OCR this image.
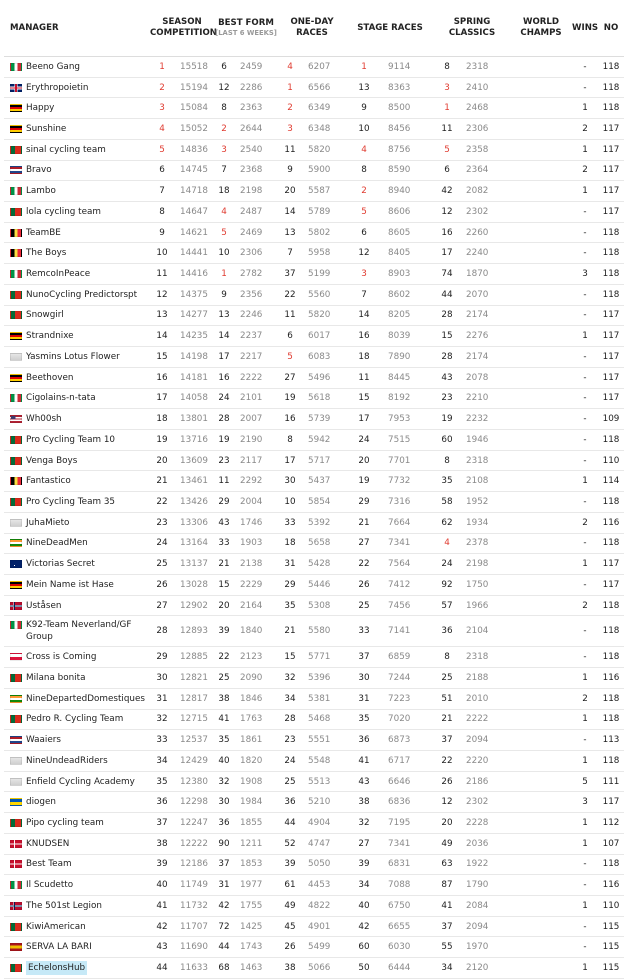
MANAGER	SEASON COMPETITION		BEST FORM
[LAST 6 WEEKS]		ONE-DAY RACES		STAGE RACES		SPRING CLASSICS		WORLD CHAMPS	WINS	NO

Beeno Gang	1	15518	6	2459	4	6207	1	9114	8	2318		-	118

Erythropoietin	2	15194	12	2286	1	6566	13	8363	3	2410		-	118

Happy	3	15084	8	2363	2	6349	9	8500	1	2468		1	118

Sunshine	4	15052	2	2644	3	6348	10	8456	11	2306		2	117

sinal cycling team	5	14836	3	2540	11	5820	4	8756	5	2358		1	117

Bravo	6	14745	7	2368	9	5900	8	8590	6	2364		2	117

Lambo	7	14718	18	2198	20	5587	2	8940	42	2082		1	117

lola cycling team	8	14647	4	2487	14	5789	5	8606	12	2302		-	117

TeamBE	9	14621	5	2469	13	5802	6	8605	16	2260		-	118

The Boys	10	14441	10	2306	7	5958	12	8405	17	2240		-	118

RemcoInPeace	11	14416	1	2782	37	5199	3	8903	74	1870		3	118

NunoCycling Predictorspt	12	14375	9	2356	22	5560	7	8602	44	2070		-	118

Snowgirl	13	14277	13	2246	11	5820	14	8205	28	2174		-	117

Strandnixe	14	14235	14	2237	6	6017	16	8039	15	2276		1	117

Yasmins Lotus Flower	15	14198	17	2217	5	6083	18	7890	28	2174		-	117

Beethoven	16	14181	16	2222	27	5496	11	8445	43	2078		-	117

Cigolains-n-tata	17	14058	24	2101	19	5618	15	8192	23	2210		-	117

Wh00sh	18	13801	28	2007	16	5739	17	7953	19	2232		-	109

Pro Cycling Team 10	19	13716	19	2190	8	5942	24	7515	60	1946		-	118

Venga Boys	20	13609	23	2117	17	5717	20	7701	8	2318		-	110

Fantastico	21	13461	11	2292	30	5437	19	7732	35	2108		1	114

Pro Cycling Team 35	22	13426	29	2004	10	5854	29	7316	58	1952		-	118

JuhaMieto	23	13306	43	1746	33	5392	21	7664	62	1934		2	116

NineDeadMen	24	13164	33	1903	18	5658	27	7341	4	2378		-	118

Victorias Secret	25	13137	21	2138	31	5428	22	7564	24	2198		1	117

Mein Name ist Hase	26	13028	15	2229	29	5446	26	7412	92	1750		-	117

Uståsen	27	12902	20	2164	35	5308	25	7456	57	1966		2	118

K92-Team Neverland/GF Group	28	12893	39	1840	21	5580	33	7141	36	2104		-	118

Cross is Coming	29	12885	22	2123	15	5771	37	6859	8	2318		-	118

Milana bonita	30	12821	25	2090	32	5396	30	7244	25	2188		1	116

NineDepartedDomestiques	31	12817	38	1846	34	5381	31	7223	51	2010		2	118

Pedro R. Cycling Team	32	12715	41	1763	28	5468	35	7020	21	2222		1	118

Waaiers	33	12537	35	1861	23	5551	36	6873	37	2094		-	113

NineUndeadRiders	34	12429	40	1820	24	5548	41	6717	22	2220		1	118

Enfield Cycling Academy	35	12380	32	1908	25	5513	43	6646	26	2186		5	111

diogen	36	12298	30	1984	36	5210	38	6836	12	2302		3	117

Pipo cycling team	37	12247	36	1855	44	4904	32	7195	20	2228		1	112

KNUDSEN	38	12222	90	1211	52	4747	27	7341	49	2036		1	107

Best Team	39	12186	37	1853	39	5050	39	6831	63	1922		-	118

Il Scudetto	40	11749	31	1977	61	4453	34	7088	87	1790		-	116

The 501st Legion	41	11732	42	1755	49	4822	40	6750	41	2084		1	110

KiwiAmerican	42	11707	72	1425	45	4901	42	6655	37	2094		-	115

SERVA LA BARI	43	11690	44	1743	26	5499	60	6030	55	1970		-	115

EchelonsHub	44	11633	68	1463	38	5066	50	6444	34	2120		1	115
